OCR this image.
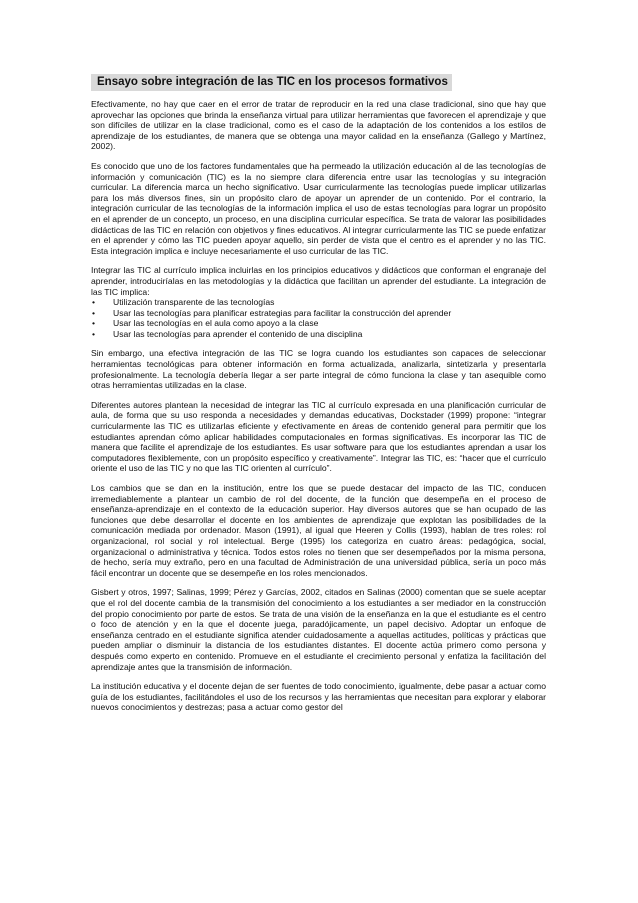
Ensayo sobre integración de las TIC en los procesos formativos

Efectivamente, no hay que caer en el error de tratar de reproducir en la red una clase tradicional, sino que hay que aprovechar las opciones que brinda la enseñanza virtual para utilizar herramientas que favorecen el aprendizaje y que son difíciles de utilizar en la clase tradicional, como es el caso de la adaptación de los contenidos a los estilos de aprendizaje de los estudiantes, de manera que se obtenga una mayor calidad en la enseñanza (Gallego y Martínez, 2002).

Es conocido que uno de los factores fundamentales que ha permeado la utilización educación al de las tecnologías de información y comunicación (TIC) es la no siempre clara diferencia entre usar las tecnologías y su integración curricular. La diferencia marca un hecho significativo. Usar curricularmente las tecnologías puede implicar utilizarlas para los más diversos fines, sin un propósito claro de apoyar un aprender de un contenido. Por el contrario, la integración curricular de las tecnologías de la información implica el uso de estas tecnologías para lograr un propósito en el aprender de un concepto, un proceso, en una disciplina curricular específica. Se trata de valorar las posibilidades didácticas de las TIC en relación con objetivos y fines educativos. Al integrar curricularmente las TIC se puede enfatizar en el aprender y cómo las TIC pueden apoyar aquello, sin perder de vista que el centro es el aprender y no las TIC. Esta integración implica e incluye necesariamente el uso curricular de las TIC.

Integrar las TIC al currículo implica incluirlas en los principios educativos y didácticos que conforman el engranaje del aprender, introduciríalas en las metodologías y la didáctica que facilitan un aprender del estudiante. La integración de las TIC implica:

• Utilización transparente de las tecnologías
• Usar las tecnologías para planificar estrategias para facilitar la construcción del aprender
• Usar las tecnologías en el aula como apoyo a la clase
• Usar las tecnologías para aprender el contenido de una disciplina

Sin embargo, una efectiva integración de las TIC se logra cuando los estudiantes son capaces de seleccionar herramientas tecnológicas para obtener información en forma actualizada, analizarla, sintetizarla y presentarla profesionalmente. La tecnología debería llegar a ser parte integral de cómo funciona la clase y tan asequible como otras herramientas utilizadas en la clase.

Diferentes autores plantean la necesidad de integrar las TIC al currículo expresada en una planificación curricular de aula, de forma que su uso responda a necesidades y demandas educativas, Dockstader (1999) propone: “integrar curricularmente las TIC es utilizarlas eficiente y efectivamente en áreas de contenido general para permitir que los estudiantes aprendan cómo aplicar habilidades computacionales en formas significativas. Es incorporar las TIC de manera que facilite el aprendizaje de los estudiantes. Es usar software para que los estudiantes aprendan a usar los computadores flexiblemente, con un propósito específico y creativamente”. Integrar las TIC, es: “hacer que el currículo oriente el uso de las TIC y no que las TIC orienten al currículo”.

Los cambios que se dan en la institución, entre los que se puede destacar del impacto de las TIC, conducen irremediablemente a plantear un cambio de rol del docente, de la función que desempeña en el proceso de enseñanza-aprendizaje en el contexto de la educación superior. Hay diversos autores que se han ocupado de las funciones que debe desarrollar el docente en los ambientes de aprendizaje que explotan las posibilidades de la comunicación mediada por ordenador. Mason (1991), al igual que Heeren y Collis (1993), hablan de tres roles: rol organizacional, rol social y rol intelectual. Berge (1995) los categoriza en cuatro áreas: pedagógica, social, organizacional o administrativa y técnica. Todos estos roles no tienen que ser desempeñados por la misma persona, de hecho, sería muy extraño, pero en una facultad de Administración de una universidad pública, sería un poco más fácil encontrar un docente que se desempeñe en los roles mencionados.

Gisbert y otros, 1997; Salinas, 1999; Pérez y Garcías, 2002, citados en Salinas (2000) comentan que se suele aceptar que el rol del docente cambia de la transmisión del conocimiento a los estudiantes a ser mediador en la construcción del propio conocimiento por parte de estos. Se trata de una visión de la enseñanza en la que el estudiante es el centro o foco de atención y en la que el docente juega, paradójicamente, un papel decisivo. Adoptar un enfoque de enseñanza centrado en el estudiante significa atender cuidadosamente a aquellas actitudes, políticas y prácticas que pueden ampliar o disminuir la distancia de los estudiantes distantes. El docente actúa primero como persona y después como experto en contenido. Promueve en el estudiante el crecimiento personal y enfatiza la facilitación del aprendizaje antes que la transmisión de información.

La institución educativa y el docente dejan de ser fuentes de todo conocimiento, igualmente, debe pasar a actuar como guía de los estudiantes, facilitándoles el uso de los recursos y las herramientas que necesitan para explorar y elaborar nuevos conocimientos y destrezas; pasa a actuar como gestor del
